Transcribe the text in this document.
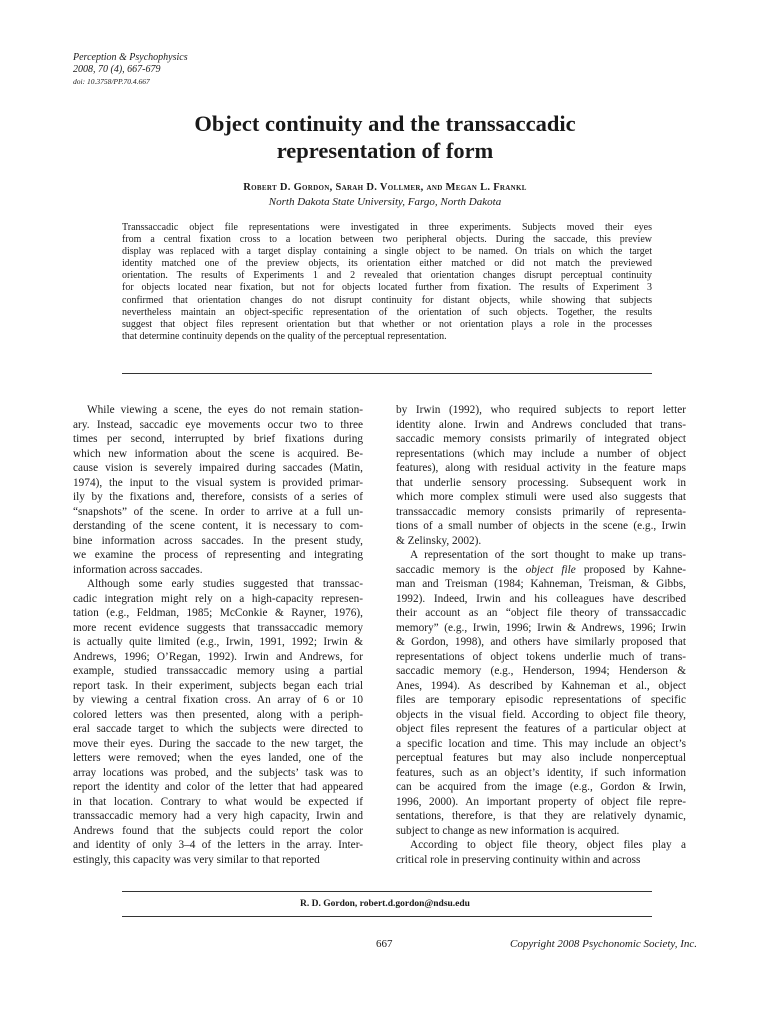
Perception & Psychophysics
2008, 70 (4), 667-679
doi: 10.3758/PP.70.4.667
Object continuity and the transsaccadic
representation of form
Robert D. Gordon, Sarah D. Vollmer, and Megan L. Frankl
North Dakota State University, Fargo, North Dakota
Transsaccadic object file representations were investigated in three experiments. Subjects moved their eyes
from a central fixation cross to a location between two peripheral objects. During the saccade, this preview
display was replaced with a target display containing a single object to be named. On trials on which the target
identity matched one of the preview objects, its orientation either matched or did not match the previewed
orientation. The results of Experiments 1 and 2 revealed that orientation changes disrupt perceptual continuity
for objects located near fixation, but not for objects located further from fixation. The results of Experiment 3
confirmed that orientation changes do not disrupt continuity for distant objects, while showing that subjects
nevertheless maintain an object-specific representation of the orientation of such objects. Together, the results
suggest that object files represent orientation but that whether or not orientation plays a role in the processes
that determine continuity depends on the quality of the perceptual representation.
While viewing a scene, the eyes do not remain station-
ary. Instead, saccadic eye movements occur two to three
times per second, interrupted by brief fixations during
which new information about the scene is acquired. Be-
cause vision is severely impaired during saccades (Matin,
1974), the input to the visual system is provided primar-
ily by the fixations and, therefore, consists of a series of
“snapshots” of the scene. In order to arrive at a full un-
derstanding of the scene content, it is necessary to com-
bine information across saccades. In the present study,
we examine the process of representing and integrating
information across saccades.
Although some early studies suggested that transsac-
cadic integration might rely on a high-capacity represen-
tation (e.g., Feldman, 1985; McConkie & Rayner, 1976),
more recent evidence suggests that transsaccadic memory
is actually quite limited (e.g., Irwin, 1991, 1992; Irwin &
Andrews, 1996; O’Regan, 1992). Irwin and Andrews, for
example, studied transsaccadic memory using a partial
report task. In their experiment, subjects began each trial
by viewing a central fixation cross. An array of 6 or 10
colored letters was then presented, along with a periph-
eral saccade target to which the subjects were directed to
move their eyes. During the saccade to the new target, the
letters were removed; when the eyes landed, one of the
array locations was probed, and the subjects’ task was to
report the identity and color of the letter that had appeared
in that location. Contrary to what would be expected if
transsaccadic memory had a very high capacity, Irwin and
Andrews found that the subjects could report the color
and identity of only 3–4 of the letters in the array. Inter-
estingly, this capacity was very similar to that reported
by Irwin (1992), who required subjects to report letter
identity alone. Irwin and Andrews concluded that trans-
saccadic memory consists primarily of integrated object
representations (which may include a number of object
features), along with residual activity in the feature maps
that underlie sensory processing. Subsequent work in
which more complex stimuli were used also suggests that
transsaccadic memory consists primarily of representa-
tions of a small number of objects in the scene (e.g., Irwin
& Zelinsky, 2002).
A representation of the sort thought to make up trans-
saccadic memory is the object file proposed by Kahne-
man and Treisman (1984; Kahneman, Treisman, & Gibbs,
1992). Indeed, Irwin and his colleagues have described
their account as an “object file theory of transsaccadic
memory” (e.g., Irwin, 1996; Irwin & Andrews, 1996; Irwin
& Gordon, 1998), and others have similarly proposed that
representations of object tokens underlie much of trans-
saccadic memory (e.g., Henderson, 1994; Henderson &
Anes, 1994). As described by Kahneman et al., object
files are temporary episodic representations of specific
objects in the visual field. According to object file theory,
object files represent the features of a particular object at
a specific location and time. This may include an object’s
perceptual features but may also include nonperceptual
features, such as an object’s identity, if such information
can be acquired from the image (e.g., Gordon & Irwin,
1996, 2000). An important property of object file repre-
sentations, therefore, is that they are relatively dynamic,
subject to change as new information is acquired.
According to object file theory, object files play a
critical role in preserving continuity within and across
R. D. Gordon, robert.d.gordon@ndsu.edu
667	Copyright 2008 Psychonomic Society, Inc.
